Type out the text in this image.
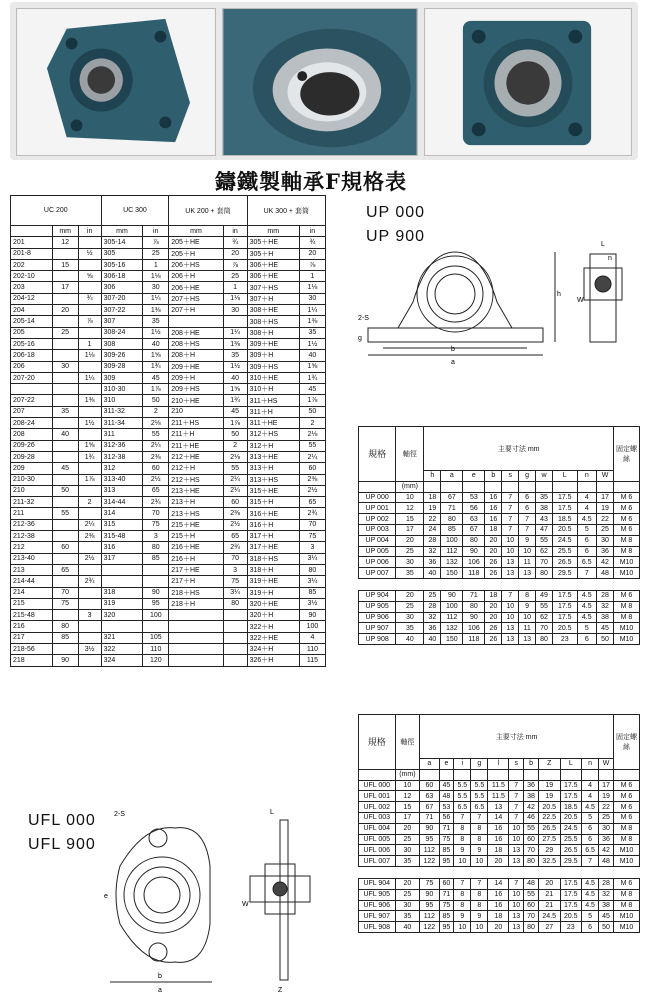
鑄鐵製軸承F規格表
UC 200			UC 300		UK 200 + 套筒		UK 300 + 套筒	
	mm	in	mm	in	mm	in	mm	in
201	12		305-14	⅞	205＋HE	¾	305＋HE	¾
201-8		½	305	25	205＋H	20	305＋H	20
202	15		305-16	1	206＋HS	⅞	306＋HE	⅞
202-10		⅝	306-18	1⅛	206＋H	25	306＋HE	1
203	17		306	30	206＋HE	1	307＋HS	1⅛
204-12		¾	307-20	1¼	207＋HS	1⅛	307＋H	30
204	20		307-22	1⅜	207＋H	30	308＋HE	1¼
205-14		⅞	307	35			308＋HS	1⅜
205	25		308-24	1½	208＋HE	1¼	308＋H	35
205-16		1	308	40	208＋HS	1⅜	309＋HE	1½
206-18		1⅛	309-26	1⅝	208＋H	35	309＋H	40
206	30		309-28	1¾	209＋HE	1½	309＋HS	1⅝
207-20		1¼	309	45	209＋H	40	310＋HE	1¾
			310-30	1⅞	209＋HS	1⅝	310＋H	45
207-22		1⅜	310	50	210＋HE	1¾	311＋HS	1⅞
207	35		311-32	2	210	45	311＋H	50
208-24		1½	311-34	2⅛	211＋HS	1⅞	311＋HE	2
208	40		311	55	211＋H	50	312＋HS	2⅛
209-26		1⅝	312-36	2¼	211＋HE	2	312＋H	55
209-28		1¾	312-38	2⅜	212＋HE	2⅛	313＋HE	2¼
209	45		312	60	212＋H	55	313＋H	60
210-30		1⅞	313-40	2½	212＋HS	2¼	313＋HS	2⅜
210	50		313	65	213＋HE	2¼	315＋HE	2½
211-32		2	314-44	2¾	213＋H	60	315＋H	65
211	55		314	70	213＋HS	2⅜	316＋HE	2¾
212-36		2¼	315	75	215＋HE	2½	316＋H	70
212-38		2⅜	315-48	3	215＋H	65	317＋H	75
212	60		316	80	216＋HE	2¾	317＋HE	3
213-40		2½	317	85	216＋H	70	318＋HS	3¼
213	65				217＋HE	3	318＋H	80
214-44		2¾			217＋H	75	319＋HE	3¼
214	70		318	90	218＋HS	3¼	319＋H	85
215	75		319	95	218＋H	80	320＋HE	3½
215-48		3	320	100			320＋H	90
216	80						322＋H	100
217	85		321	105			322＋HE	4
218-56		3½	322	110			324＋H	110
218	90		324	120			326＋H	115
UP 000
UP 900
2-S
g
b
a
h
W
L
n
規格	軸徑	主要寸法 mm										固定螺絲
		h	a	e	b	s	g	w	L	n	W	
	(mm)											
UP 000	10	18	67	53	16	7	6	35	17.5	4	17	M 6
UP 001	12	19	71	56	16	7	6	38	17.5	4	19	M 6
UP 002	15	22	80	63	16	7	7	43	18.5	4.5	22	M 6
UP 003	17	24	85	67	18	7	7	47	20.5	5	25	M 6
UP 004	20	28	100	80	20	10	9	55	24.5	6	30	M 8
UP 005	25	32	112	90	20	10	10	62	25.5	6	36	M 8
UP 006	30	36	132	106	26	13	11	70	26.5	6.5	42	M10
UP 007	35	40	150	118	26	13	13	80	29.5	7	48	M10

UP 904	20	25	90	71	18	7	8	49	17.5	4.5	28	M 6
UP 905	25	28	100	80	20	10	9	55	17.5	4.5	32	M 8
UP 906	30	32	112	90	20	10	10	62	17.5	4.5	38	M 8
UP 907	35	36	132	106	26	13	11	70	20.5	5	45	M10
UP 908	40	40	150	118	26	13	13	80	23	6	50	M10
UFL 000
UFL 900
2-S	L
W
Z
b
a
e
規格	軸徑	主要寸法 mm											固定螺絲
		a	e	i	g	l	s	b	Z	L	n	W	
	(mm)												
UFL 000	10	60	45	5.5	5.5	11.5	7	36	19	17.5	4	17	M 6
UFL 001	12	63	48	5.5	5.5	11.5	7	38	19	17.5	4	19	M 6
UFL 002	15	67	53	6.5	6.5	13	7	42	20.5	18.5	4.5	22	M 6
UFL 003	17	71	56	7	7	14	7	46	22.5	20.5	5	25	M 6
UFL 004	20	90	71	8	8	16	10	55	26.5	24.5	6	30	M 8
UFL 005	25	95	75	8	8	16	10	60	27.5	25.5	6	36	M 8
UFL 006	30	112	85	9	9	18	13	70	29	26.5	6.5	42	M10
UFL 007	35	122	95	10	10	20	13	80	32.5	29.5	7	48	M10

UFL 904	20	75	60	7	7	14	7	48	20	17.5	4.5	28	M 6
UFL 905	25	90	71	8	8	16	10	55	21	17.5	4.5	32	M 8
UFL 906	30	95	75	8	8	16	10	60	21	17.5	4.5	38	M 8
UFL 907	35	112	85	9	9	18	13	70	24.5	20.5	5	45	M10
UFL 908	40	122	95	10	10	20	13	80	27	23	6	50	M10
